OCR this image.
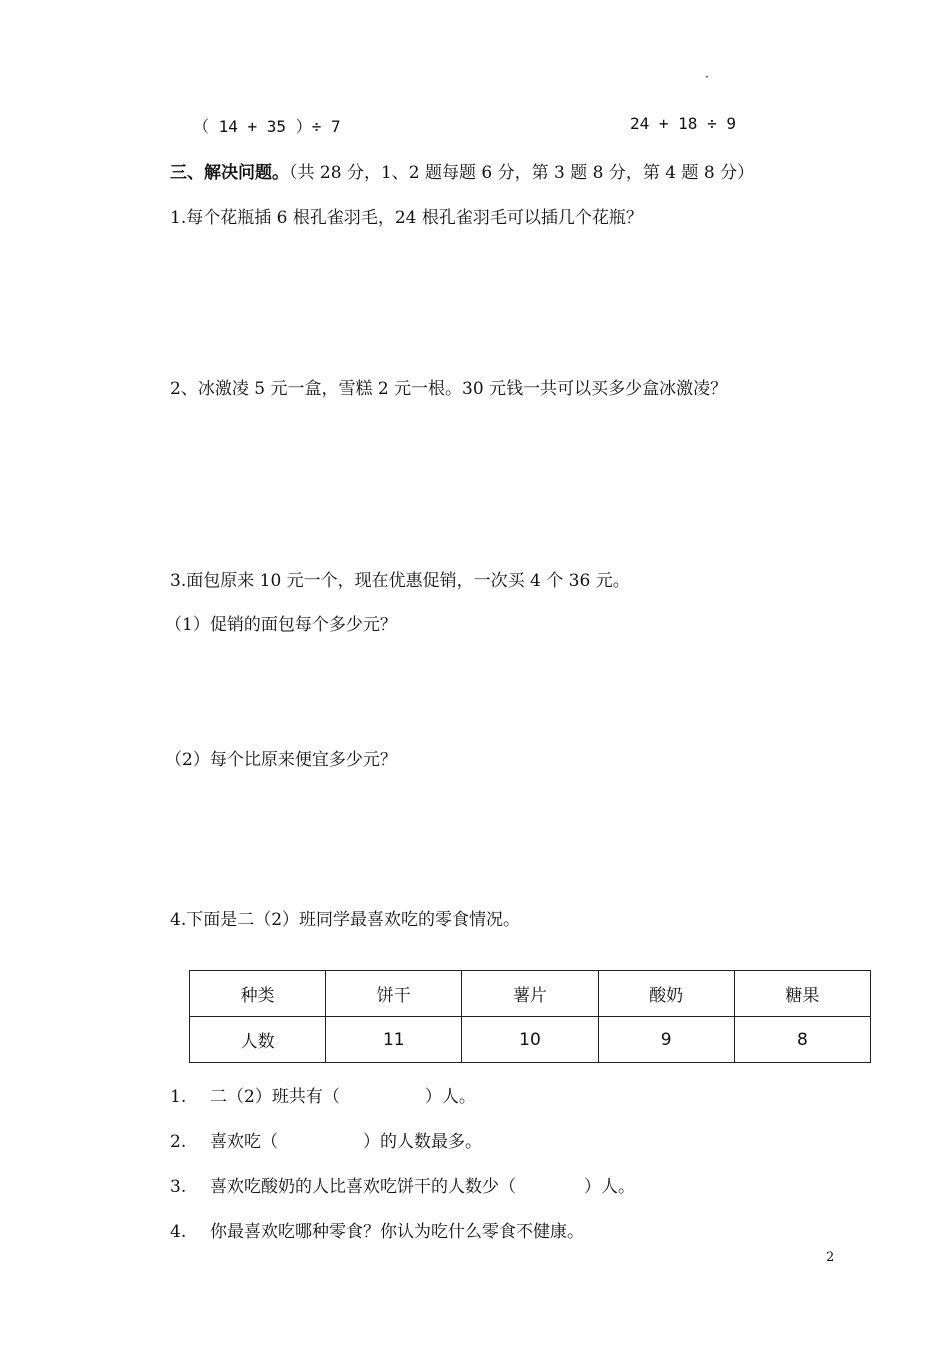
·
（ 14 + 35 ）÷ 7	24 + 18 ÷ 9
三、解决问题。（共 28 分，1、2 题每题 6 分，第 3 题 8 分，第 4 题 8 分）
1.每个花瓶插 6 根孔雀羽毛，24 根孔雀羽毛可以插几个花瓶？
2、冰激凌 5 元一盒，雪糕 2 元一根。30 元钱一共可以买多少盒冰激凌？
3.面包原来 10 元一个，现在优惠促销，一次买 4 个 36 元。
（1）促销的面包每个多少元？
（2）每个比原来便宜多少元？
4.下面是二（2）班同学最喜欢吃的零食情况。
种类	饼干	薯片	酸奶	糖果
人数	11	10	9	8
1. 二（2）班共有（　　　　　）人。
2. 喜欢吃（　　　　　）的人数最多。
3. 喜欢吃酸奶的人比喜欢吃饼干的人数少（　　　　）人。
4. 你最喜欢吃哪种零食？你认为吃什么零食不健康。
2
